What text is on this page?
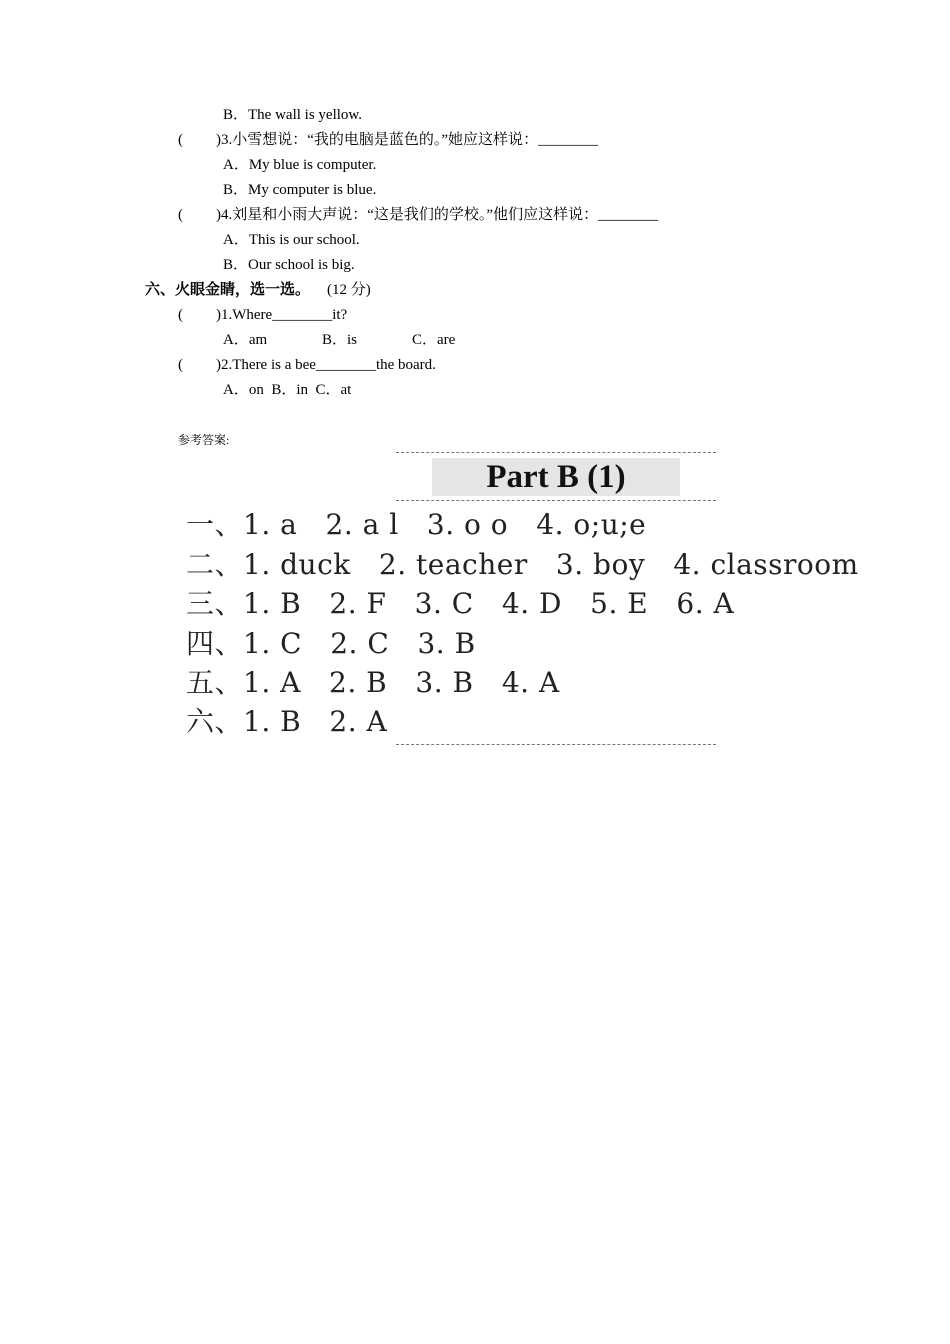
B．The wall is yellow.
( )3.小雪想说：“我的电脑是蓝色的。”她应这样说：________
A．My blue is computer.
B．My computer is blue.
( )4.刘星和小雨大声说：“这是我们的学校。”他们应这样说：________
A．This is our school.
B．Our school is big.
六、火眼金睛，选一选。 (12 分)
( )1.Where________it?
A．am	B．is	C．are
( )2.There is a bee________the board.
A．on  B．in  C．at
参考答案:
Part B (1)
一、1. a   2. a l   3. o o   4. o;u;e
二、1. duck   2. teacher   3. boy   4. classroom
三、1. B   2. F   3. C   4. D   5. E   6. A
四、1. C   2. C   3. B
五、1. A   2. B   3. B   4. A
六、1. B   2. A
